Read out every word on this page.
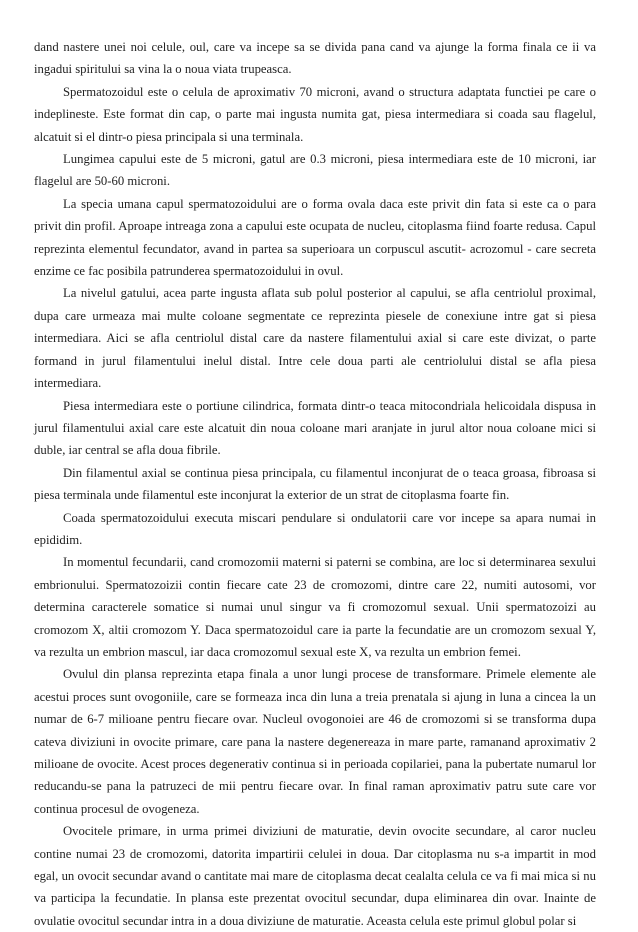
dand nastere unei noi celule, oul, care va incepe sa se divida pana cand va ajunge la forma finala ce ii va ingadui spiritului sa vina la o noua viata trupeasca.

Spermatozoidul este o celula de aproximativ 70 microni, avand o structura adaptata functiei pe care o indeplineste. Este format din cap, o parte mai ingusta numita gat, piesa intermediara si coada sau flagelul, alcatuit si el dintr-o piesa principala si una terminala.

Lungimea capului este de 5 microni, gatul are 0.3 microni, piesa intermediara este de 10 microni, iar flagelul are 50-60 microni.

La specia umana capul spermatozoidului are o forma ovala daca este privit din fata si este ca o para privit din profil. Aproape intreaga zona a capului este ocupata de nucleu, citoplasma fiind foarte redusa. Capul reprezinta elementul fecundator, avand in partea sa superioara un corpuscul ascutit- acrozomul - care secreta enzime ce fac posibila patrunderea spermatozoidului in ovul.

La nivelul gatului, acea parte ingusta aflata sub polul posterior al capului, se afla centriolul proximal, dupa care urmeaza mai multe coloane segmentate ce reprezinta piesele de conexiune intre gat si piesa intermediara. Aici se afla centriolul distal care da nastere filamentului axial si care este divizat, o parte formand in jurul filamentului inelul distal. Intre cele doua parti ale centriolului distal se afla piesa intermediara.

Piesa intermediara este o portiune cilindrica, formata dintr-o teaca mitocondriala helicoidala dispusa in jurul filamentului axial care este alcatuit din noua coloane mari aranjate in jurul altor noua coloane mici si duble, iar central se afla doua fibrile.

Din filamentul axial se continua piesa principala, cu filamentul inconjurat de o teaca groasa, fibroasa si piesa terminala unde filamentul este inconjurat la exterior de un strat de citoplasma foarte fin.

Coada spermatozoidului executa miscari pendulare si ondulatorii care vor incepe sa apara numai in epididim.

In momentul fecundarii, cand cromozomii materni si paterni se combina, are loc si determinarea sexului embrionului. Spermatozoizii contin fiecare cate 23 de cromozomi, dintre care 22, numiti autosomi, vor determina caracterele somatice si numai unul singur va fi cromozomul sexual. Unii spermatozoizi au cromozom X, altii cromozom Y. Daca spermatozoidul care ia parte la fecundatie are un cromozom sexual Y, va rezulta un embrion mascul, iar daca cromozomul sexual este X, va rezulta un embrion femei.

Ovulul din plansa reprezinta etapa finala a unor lungi procese de transformare. Primele elemente ale acestui proces sunt ovogoniile, care se formeaza inca din luna a treia prenatala si ajung in luna a cincea la un numar de 6-7 milioane pentru fiecare ovar. Nucleul ovogonoiei are 46 de cromozomi si se transforma dupa cateva diviziuni in ovocite primare, care pana la nastere degenereaza in mare parte, ramanand aproximativ 2 milioane de ovocite. Acest proces degenerativ continua si in perioada copilariei, pana la pubertate numarul lor reducandu-se pana la patruzeci de mii pentru fiecare ovar. In final raman aproximativ patru sute care vor continua procesul de ovogeneza.

Ovocitele primare, in urma primei diviziuni de maturatie, devin ovocite secundare, al caror nucleu contine numai 23 de cromozomi, datorita impartirii celulei in doua. Dar citoplasma nu s-a impartit in mod egal, un ovocit secundar avand o cantitate mai mare de citoplasma decat cealalta celula ce va fi mai mica si nu va participa la fecundatie. In plansa este prezentat ovocitul secundar, dupa eliminarea din ovar. Inainte de ovulatie ovocitul secundar intra in a doua diviziune de maturatie. Aceasta celula este primul globul polar si
